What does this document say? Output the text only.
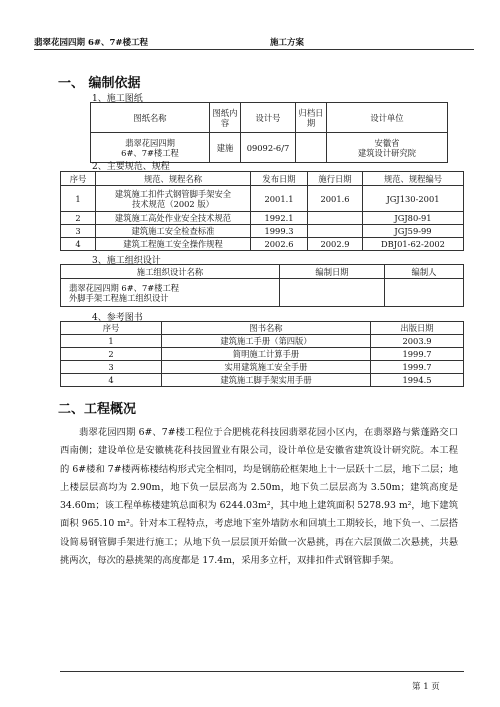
翡翠花园四期 6#、7#楼工程	施工方案
一、 编制依据
1、施工图纸
图纸名称	图纸内容	设计号	归档日期	设计单位
翡翠花园四期
6#、7#楼工程	建施	09092-6/7		安徽省
建筑设计研究院
2、主要规范、规程
序号	规范、规程名称	发布日期	施行日期	规范、规程编号
1	建筑施工扣件式钢管脚手架安全
技术规范（2002 版）	2001.1	2001.6	JGJ130-2001
2	建筑施工高处作业安全技术规范	1992.1		JGJ80-91
3	建筑施工安全检查标准	1999.3		JGJ59-99
4	建筑工程施工安全操作规程	2002.6	2002.9	DBJ01-62-2002
3、施工组织设计
施工组织设计名称	编制日期	编制人
翡翠花园四期 6#、7#楼工程
外脚手架工程施工组织设计		
4、参考图书
序号	图书名称	出版日期
1	建筑施工手册（第四版）	2003.9
2	简明施工计算手册	1999.7
3	实用建筑施工安全手册	1999.7
4	建筑施工脚手架实用手册	1994.5
二、工程概况

翡翠花园四期 6#、7#楼工程位于合肥桃花科技园翡翠花园小区内，在翡翠路与紫蓬路交口西南侧；建设单位是安徽桃花科技园置业有限公司，设计单位是安徽省建筑设计研究院。本工程的 6#楼和 7#楼两栋楼结构形式完全相同，均是钢筋砼框架地上十一层跃十二层，地下二层；地上楼层层高均为 2.90m，地下负一层层高为 2.50m，地下负二层层高为 3.50m；建筑高度是 34.60m；该工程单栋楼建筑总面积为 6244.03m²，其中地上建筑面积 5278.93 m²，地下建筑面积 965.10 m²。针对本工程特点，考虑地下室外墙防水和回填土工期较长，地下负一、二层搭设简易钢管脚手架进行施工；从地下负一层层顶开始做一次悬挑，再在六层顶做二次悬挑，共悬挑两次，每次的悬挑架的高度都是 17.4m，采用多立杆，双排扣件式钢管脚手架。

第 1 页
